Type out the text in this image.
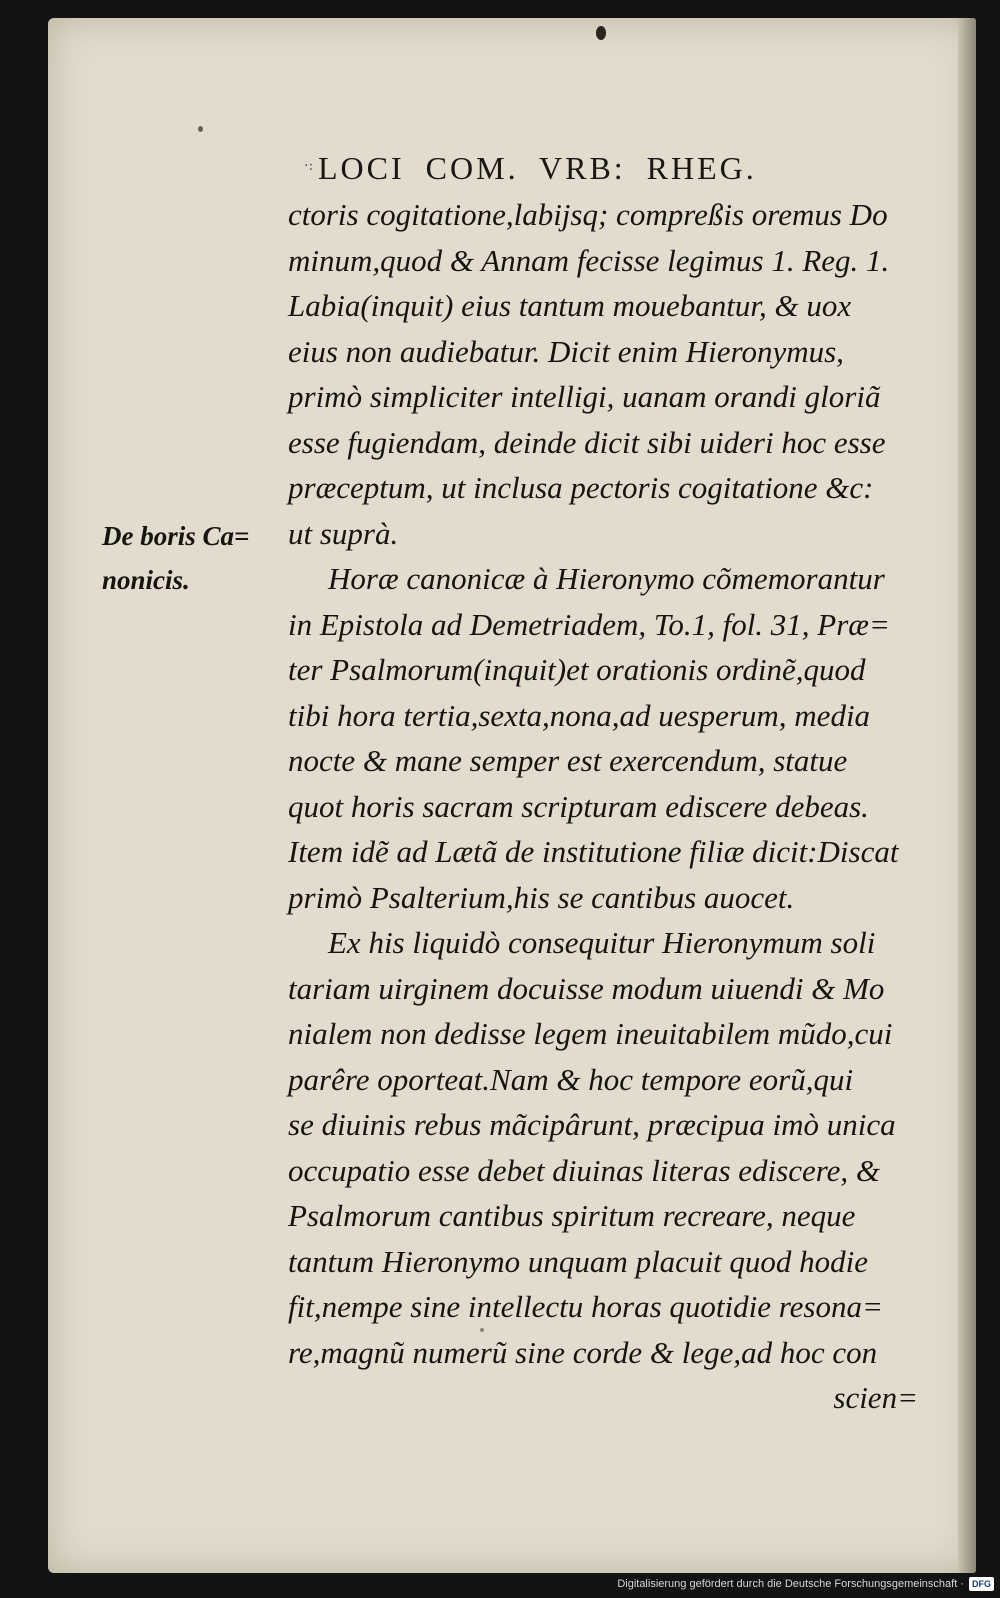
·: LOCI COM. VRB: RHEG.
De boris Ca=
nonicis.

ctoris cogitatione,labijsq; compreßis oremus Do
minum,quod & Annam fecisse legimus 1. Reg. 1.
Labia(inquit) eius tantum mouebantur, & uox
eius non audiebatur. Dicit enim Hieronymus,
primò simpliciter intelligi, uanam orandi gloriã
esse fugiendam, deinde dicit sibi uideri hoc esse
præceptum, ut inclusa pectoris cogitatione &c:
ut suprà.

Horæ canonicæ à Hieronymo cõmemorantur
in Epistola ad Demetriadem, To.1, fol. 31, Præ=
ter Psalmorum(inquit)et orationis ordinẽ,quod
tibi hora tertia,sexta,nona,ad uesperum, media
nocte & mane semper est exercendum, statue
quot horis sacram scripturam ediscere debeas.
Item idẽ ad Lætã de institutione filiæ dicit:Discat
primò Psalterium,his se cantibus auocet.

Ex his liquidò consequitur Hieronymum soli
tariam uirginem docuisse modum uiuendi & Mo
nialem non dedisse legem ineuitabilem mũdo,cui
parêre oporteat.Nam & hoc tempore eorũ,qui
se diuinis rebus mãcipârunt, præcipua imò unica
occupatio esse debet diuinas literas ediscere, &
Psalmorum cantibus spiritum recreare, neque
tantum Hieronymo unquam placuit quod hodie
fit,nempe sine intellectu horas quotidie resona=
re,magnũ numerũ sine corde & lege,ad hoc con
scien=

Digitalisierung gefördert durch die Deutsche Forschungsgemeinschaft · DFG
